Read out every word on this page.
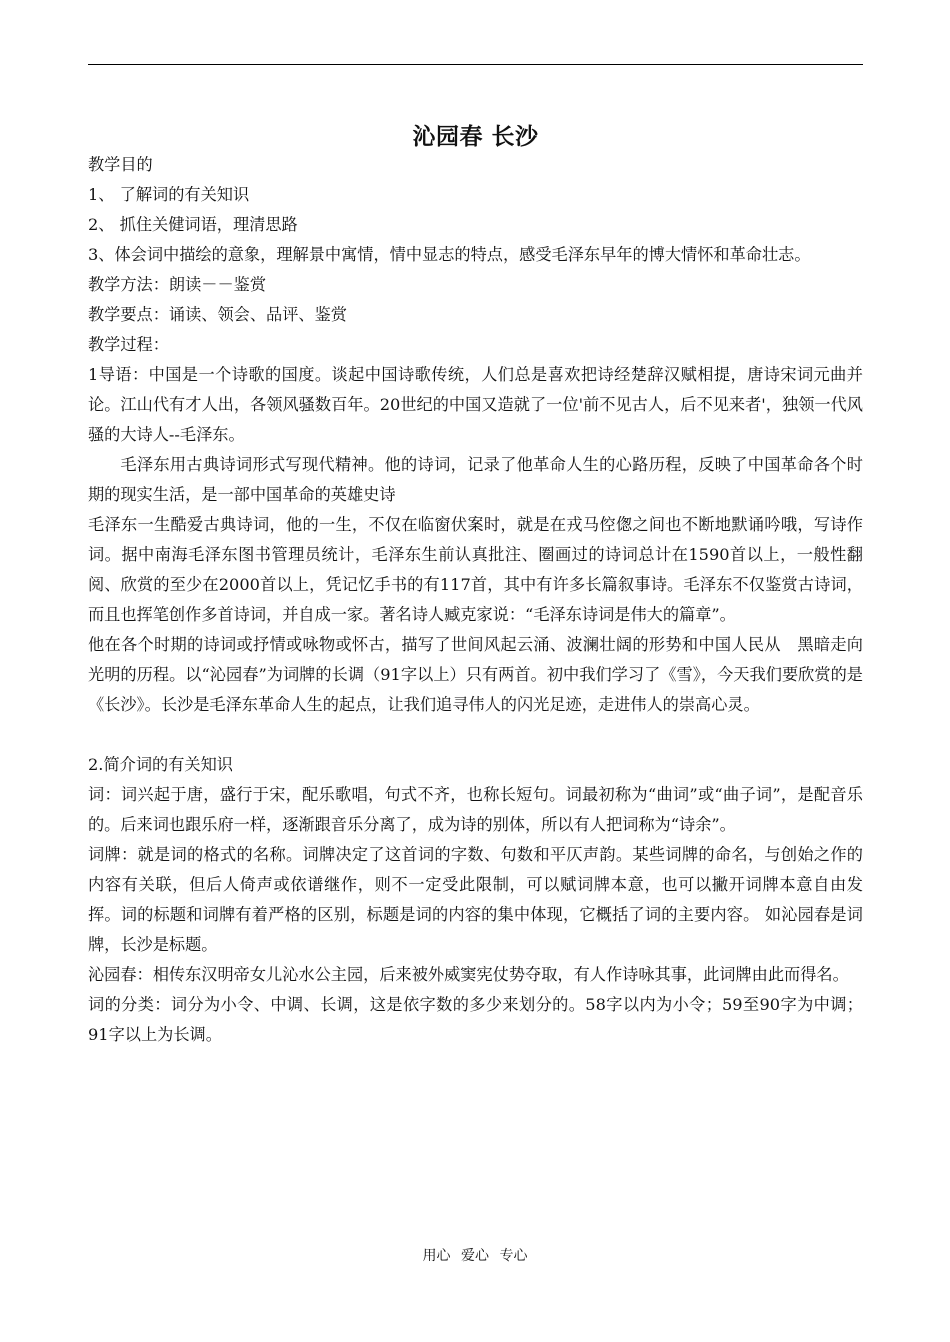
沁园春 长沙

教学目的

1、 了解词的有关知识

2、 抓住关健词语，理清思路

3、体会词中描绘的意象，理解景中寓情，情中显志的特点，感受毛泽东早年的博大情怀和革命壮志。

教学方法：朗读－－鉴赏

教学要点：诵读、领会、品评、鉴赏

教学过程：

1导语：中国是一个诗歌的国度。谈起中国诗歌传统，人们总是喜欢把诗经楚辞汉赋相提，唐诗宋词元曲并论。江山代有才人出，各领风骚数百年。20世纪的中国又造就了一位'前不见古人，后不见来者'，独领一代风骚的大诗人--毛泽东。

毛泽东用古典诗词形式写现代精神。他的诗词，记录了他革命人生的心路历程，反映了中国革命各个时期的现实生活，是一部中国革命的英雄史诗

毛泽东一生酷爱古典诗词，他的一生，不仅在临窗伏案时，就是在戎马倥偬之间也不断地默诵吟哦，写诗作词。据中南海毛泽东图书管理员统计，毛泽东生前认真批注、圈画过的诗词总计在1590首以上，一般性翻阅、欣赏的至少在2000首以上，凭记忆手书的有117首，其中有许多长篇叙事诗。毛泽东不仅鉴赏古诗词，而且也挥笔创作多首诗词，并自成一家。著名诗人臧克家说：“毛泽东诗词是伟大的篇章”。

他在各个时期的诗词或抒情或咏物或怀古，描写了世间风起云涌、波澜壮阔的形势和中国人民从　黑暗走向光明的历程。以“沁园春”为词牌的长调（91字以上）只有两首。初中我们学习了《雪》，今天我们要欣赏的是《长沙》。长沙是毛泽东革命人生的起点，让我们追寻伟人的闪光足迹，走进伟人的崇高心灵。

2.简介词的有关知识

词：词兴起于唐，盛行于宋，配乐歌唱，句式不齐，也称长短句。词最初称为“曲词”或“曲子词”，是配音乐的。后来词也跟乐府一样，逐渐跟音乐分离了，成为诗的别体，所以有人把词称为“诗余”。

词牌：就是词的格式的名称。词牌决定了这首词的字数、句数和平仄声韵。某些词牌的命名，与创始之作的内容有关联，但后人倚声或依谱继作，则不一定受此限制，可以赋词牌本意，也可以撇开词牌本意自由发挥。词的标题和词牌有着严格的区别，标题是词的内容的集中体现，它概括了词的主要内容。 如沁园春是词牌，长沙是标题。

沁园春：相传东汉明帝女儿沁水公主园，后来被外威窦宪仗势夺取，有人作诗咏其事，此词牌由此而得名。

词的分类：词分为小令、中调、长调，这是依字数的多少来划分的。58字以内为小令；59至90字为中调；91字以上为长调。

用心 爱心 专心
